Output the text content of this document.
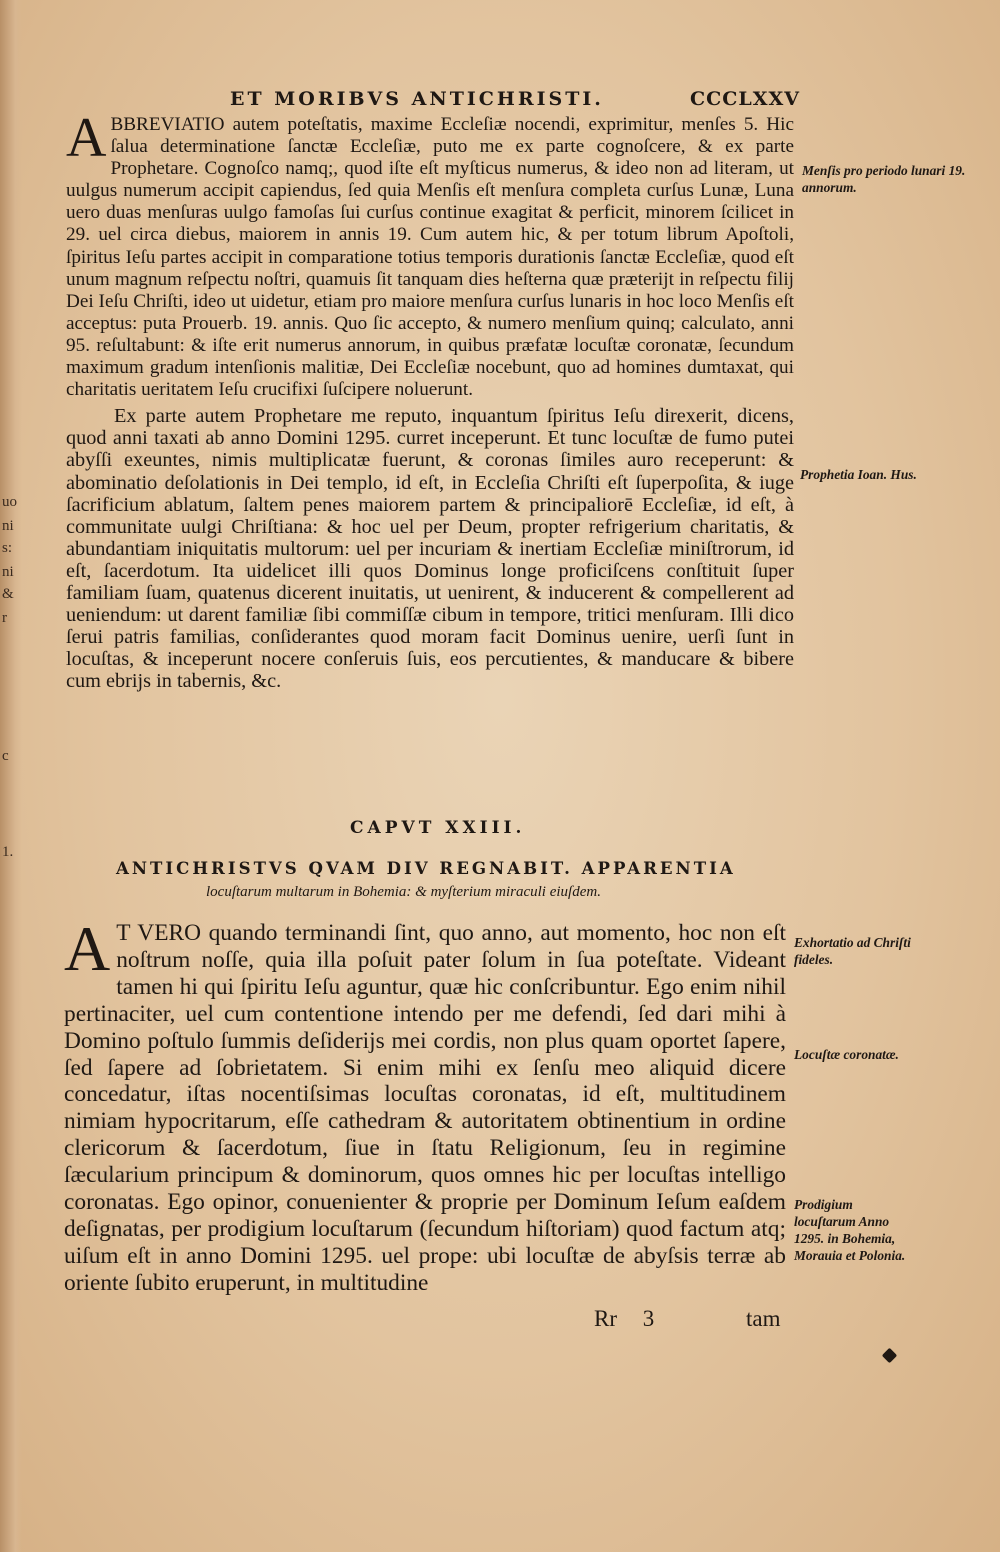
uo
ni
s:
ni
&
r
c
1.
ET MORIBVS ANTICHRISTI.	CCCLXXV

ABBREVIATIO autem poteſtatis, maxime Eccleſiæ nocendi, exprimitur, menſes 5. Hic ſalua determinatione ſanctæ Eccleſiæ, puto me ex parte cognoſcere, & ex parte Prophetare. Cognoſco namq;, quod iſte eſt myſticus numerus, & ideo non ad literam, ut uulgus numerum accipit capiendus, ſed quia Menſis eſt menſura completa curſus Lunæ, Luna uero duas menſuras uulgo famoſas ſui curſus continue exagitat & perficit, minorem ſcilicet in 29. uel circa diebus, maiorem in annis 19. Cum autem hic, & per totum librum Apoſtoli, ſpiritus Ieſu partes accipit in comparatione totius temporis durationis ſanctæ Eccleſiæ, quod eſt unum magnum reſpectu noſtri, quamuis ſit tanquam dies heſterna quæ præterijt in reſpectu filij Dei Ieſu Chriſti, ideo ut uidetur, etiam pro maiore menſura curſus lunaris in hoc loco Menſis eſt acceptus: puta Prouerb. 19. annis. Quo ſic accepto, & numero menſium quinq; calculato, anni 95. reſultabunt: & iſte erit numerus annorum, in quibus præfatæ locuſtæ coronatæ, ſecundum maximum gradum intenſionis malitiæ, Dei Eccleſiæ nocebunt, quo ad homines dumtaxat, qui charitatis ueritatem Ieſu crucifixi ſuſcipere noluerunt.

Ex parte autem Prophetare me reputo, inquantum ſpiritus Ieſu direxerit, dicens, quod anni taxati ab anno Domini 1295. curret inceperunt. Et tunc locuſtæ de fumo putei abyſſi exeuntes, nimis multiplicatæ fuerunt, & coronas ſimiles auro receperunt: & abominatio deſolationis in Dei templo, id eſt, in Eccleſia Chriſti eſt ſuperpoſita, & iuge ſacrificium ablatum, ſaltem penes maiorem partem & principaliorē Eccleſiæ, id eſt, à communitate uulgi Chriſtiana: & hoc uel per Deum, propter refrigerium charitatis, & abundantiam iniquitatis multorum: uel per incuriam & inertiam Eccleſiæ miniſtrorum, id eſt, ſacerdotum. Ita uidelicet illi quos Dominus longe proficiſcens conſtituit ſuper familiam ſuam, quatenus dicerent inuitatis, ut uenirent, & inducerent & compellerent ad ueniendum: ut darent familiæ ſibi commiſſæ cibum in tempore, tritici menſuram. Illi dico ſerui patris familias, conſiderantes quod moram facit Dominus uenire, uerſi ſunt in locuſtas, & inceperunt nocere conſeruis ſuis, eos percutientes, & manducare & bibere cum ebrijs in tabernis, &c.

Menſis pro periodo lunari 19. annorum.
Prophetia Ioan. Hus.
CAPVT XXIII.
ANTICHRISTVS QVAM DIV REGNABIT. APPARENTIA
locuſtarum multarum in Bohemia: & myſterium miraculi eiuſdem.

A T VERO quando terminandi ſint, quo anno, aut momento, hoc non eſt noſtrum noſſe, quia illa poſuit pater ſolum in ſua poteſtate. Videant tamen hi qui ſpiritu Ieſu aguntur, quæ hic conſcribuntur. Ego enim nihil pertinaciter, uel cum contentione intendo per me defendi, ſed dari mihi à Domino poſtulo ſummis deſiderijs mei cordis, non plus quam oportet ſapere, ſed ſapere ad ſobrietatem. Si enim mihi ex ſenſu meo aliquid dicere concedatur, iſtas nocentiſsimas locuſtas coronatas, id eſt, multitudinem nimiam hypocritarum, eſſe cathedram & autoritatem obtinentium in ordine clericorum & ſacerdotum, ſiue in ſtatu Religionum, ſeu in regimine ſæcularium principum & dominorum, quos omnes hic per locuſtas intelligo coronatas. Ego opinor, conuenienter & proprie per Dominum Ieſum eaſdem deſignatas, per prodigium locuſtarum (ſecundum hiſtoriam) quod factum atq; uiſum eſt in anno Domini 1295. uel prope: ubi locuſtæ de abyſsis terræ ab oriente ſubito eruperunt, in multitudine

Exhortatio ad Chriſti fideles.
Locuſtæ coronatæ.
Prodigium locuſtarum Anno 1295. in Bohemia, Morauia et Polonia.
Rr 3	tam
